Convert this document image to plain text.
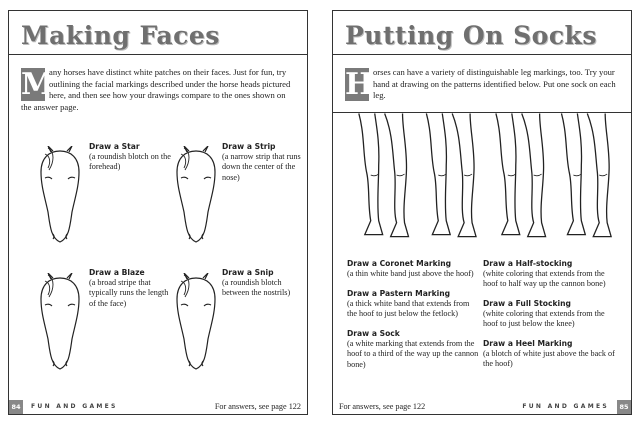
Making Faces
M
any horses have distinct white patches on their faces. Just for fun, try outlining the facial markings described under the horse heads pictured here, and then see how your drawings compare to the ones shown on the answer page.
Draw a Star
(a roundish blotch on the forehead)
Draw a Strip
(a narrow strip that runs down the center of the nose)
Draw a Blaze
(a broad stripe that typically runs the length of the face)
Draw a Snip
(a roundish blotch between the nostrils)
84	FUN AND GAMES	For answers, see page 122
Putting On Socks
H orses can have a variety of distinguishable leg markings, too. Try your hand at drawing on the patterns identified below. Put one sock on each leg.
Draw a Coronet Marking
(a thin white band just above the hoof)
Draw a Pastern Marking
(a thick white band that extends from the hoof to just below the fetlock)
Draw a Sock
(a white marking that extends from the hoof to a third of the way up the cannon bone)
Draw a Half-stocking
(white coloring that extends from the hoof to half way up the cannon bone)
Draw a Full Stocking
(white coloring that extends from the hoof to just below the knee)
Draw a Heel Marking
(a blotch of white just above the back of the hoof)
For answers, see page 122	FUN AND GAMES	85
